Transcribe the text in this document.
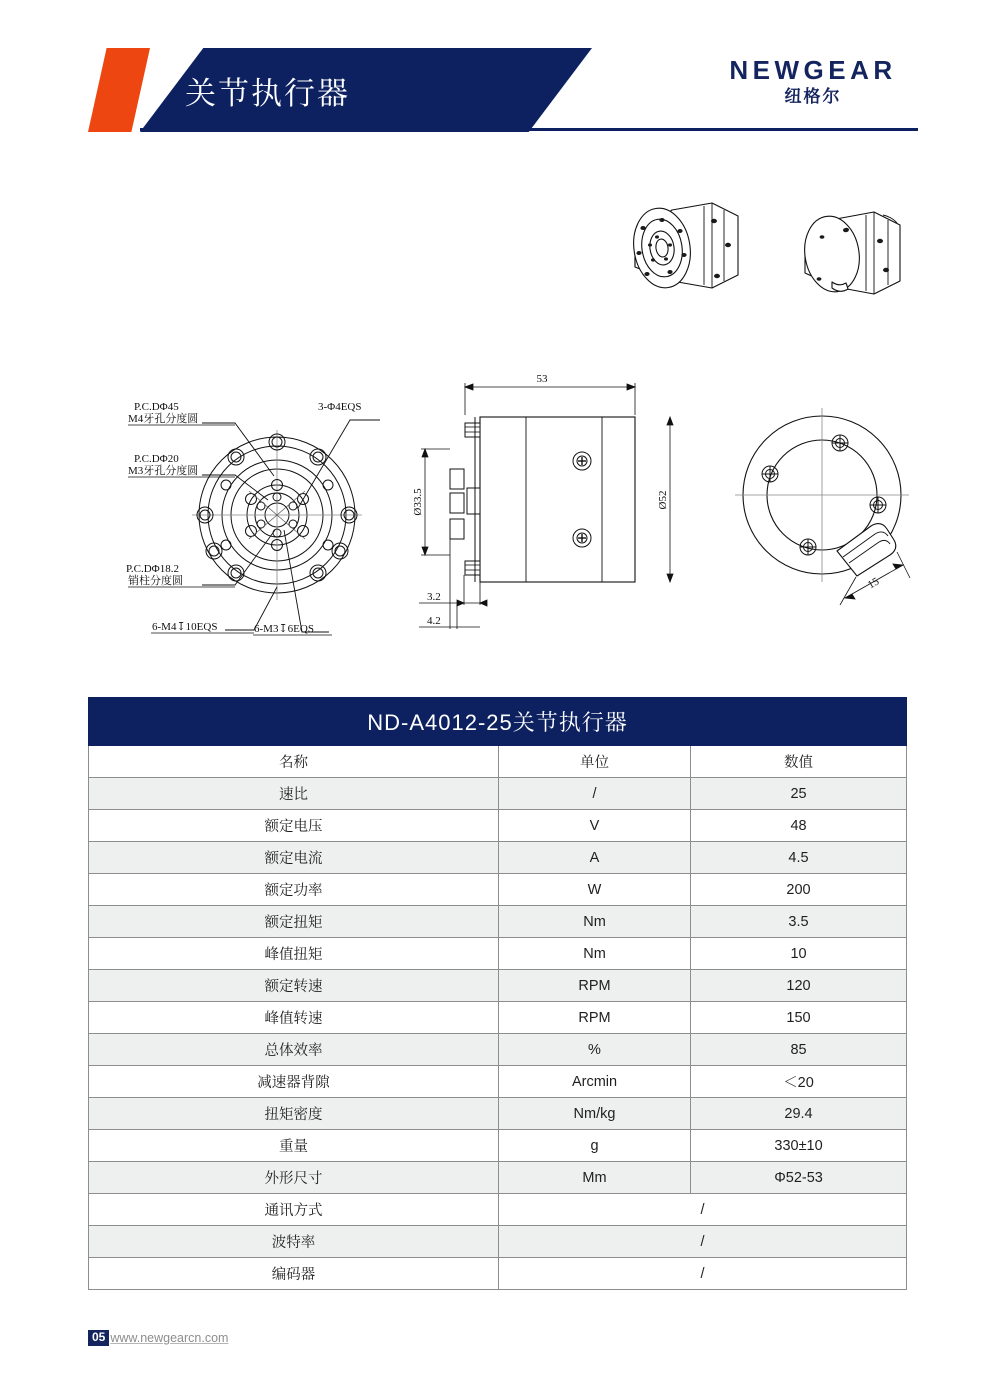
关节执行器
NEWGEAR
纽格尔
P.C.DΦ45
M4牙孔分度圆
P.C.DΦ20
M3牙孔分度圆
P.C.DΦ18.2
销柱分度圆
3-Φ4EQS
6-M4↧10EQS	6-M3↧6EQS
53
Ø33.5	Ø52
3.2
4.2
15
ND-A4012-25关节执行器		
名称	单位	数值
速比	/	25
额定电压	V	48
额定电流	A	4.5
额定功率	W	200
额定扭矩	Nm	3.5
峰值扭矩	Nm	10
额定转速	RPM	120
峰值转速	RPM	150
总体效率	%	85
减速器背隙	Arcmin	＜20
扭矩密度	Nm/kg	29.4
重量	g	330±10
外形尺寸	Mm	Φ52-53
通讯方式	/	
波特率	/	
编码器	/	
05 www.newgearcn.com
